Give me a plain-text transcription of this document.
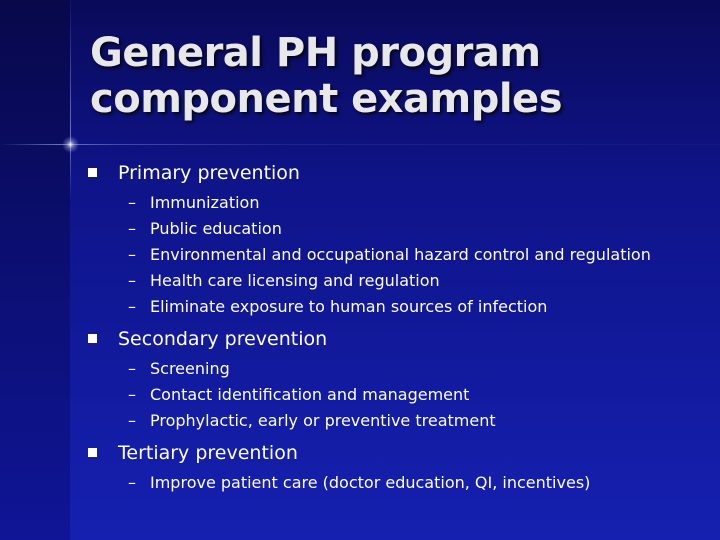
General PH program
component examples
Primary prevention
– Immunization
– Public education
– Environmental and occupational hazard control and regulation
– Health care licensing and regulation
– Eliminate exposure to human sources of infection
Secondary prevention
– Screening
– Contact identification and management
– Prophylactic, early or preventive treatment
Tertiary prevention
– Improve patient care (doctor education, QI, incentives)
